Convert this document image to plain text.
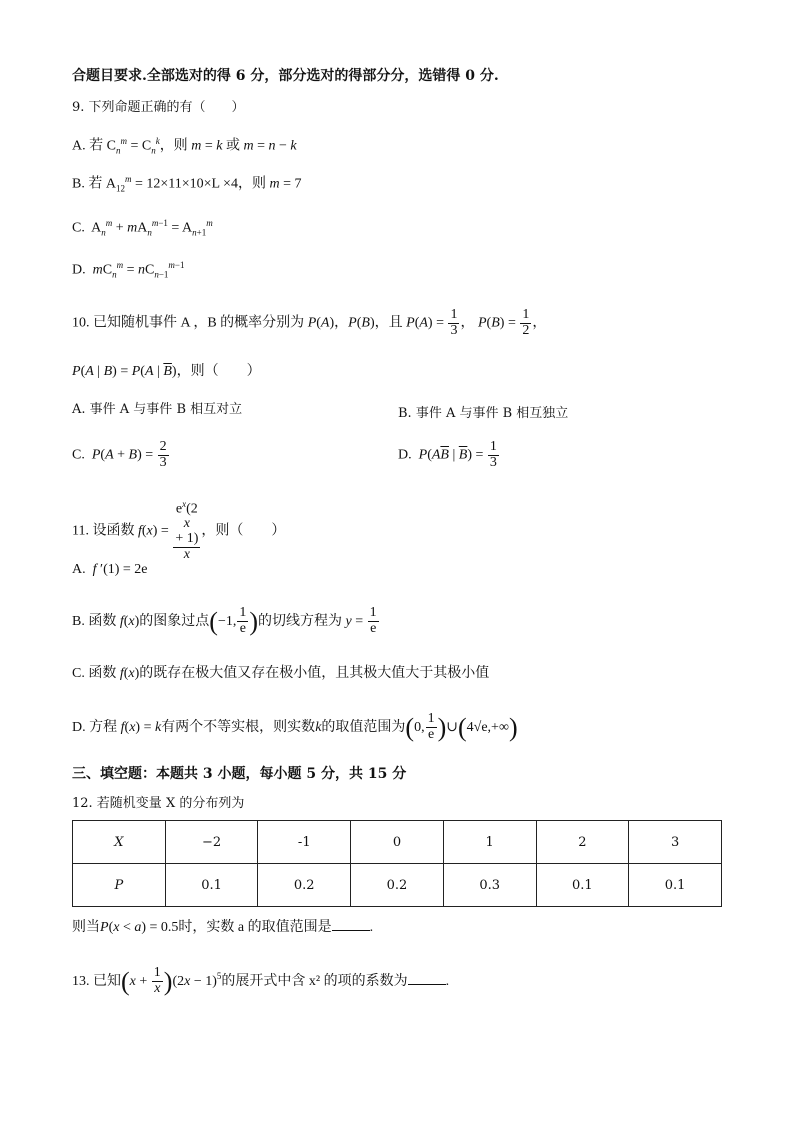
合题目要求.全部选对的得 6 分，部分选对的得部分分，选错得 0 分.
9. 下列命题正确的有（　　）
A. 若 $C_n^m = C_n^k$，则 m = k 或 m = n − k
B. 若 $A_{12}^m = 12\times 11\times 10\times L \times 4$，则 m = 7
C.  $A_n^m + mA_n^{m-1} = A_{n+1}^m$
D. $mC_n^m = nC_{n-1}^{m-1}$
10. 已知随机事件 A ，B 的概率分别为 P(A)，P(B)，且 $P(A) = \frac{1}{3}$ ， $P(B) = \frac{1}{2}$ ，
P(A | B) = P(A | $\overline{B}$)，则（　　）
A. 事件 A 与事件 B 相互对立	B. 事件 A 与事件 B 相互独立
C. $P(A + B) = \frac{2}{3}$	D. $P(A\overline{B}$ | $\overline{B}) = \frac{1}{3}$
11. 设函数 $f(x) = e^x(2$
x
+ 1)
x ，则（　　）
A. f ′(1) = 2e
B. 函数 f(x)的图象过点(−1, $\frac{1}{e}$ )的切线方程为 $y = \frac{1}{e}$
C. 函数 f(x)的既存在极大值又存在极小值，且其极大值大于其极小值
D. 方程 f(x) = k有两个不等实根，则实数k的取值范围为(0, $\frac{1}{e}$ )∪(4√e,+∞)
三、填空题：本题共 3 小题，每小题 5 分，共 15 分
12. 若随机变量 X 的分布列为
X	−2	-1	0	1	2	3
P	0.1	0.2	0.2	0.3	0.1	0.1
则当P(x < a) = 0.5时，实数 a 的取值范围是	.
13. 已知$(x + \frac{1}{x} )(2x - 1)^5$的展开式中含 x² 的项的系数为	.
